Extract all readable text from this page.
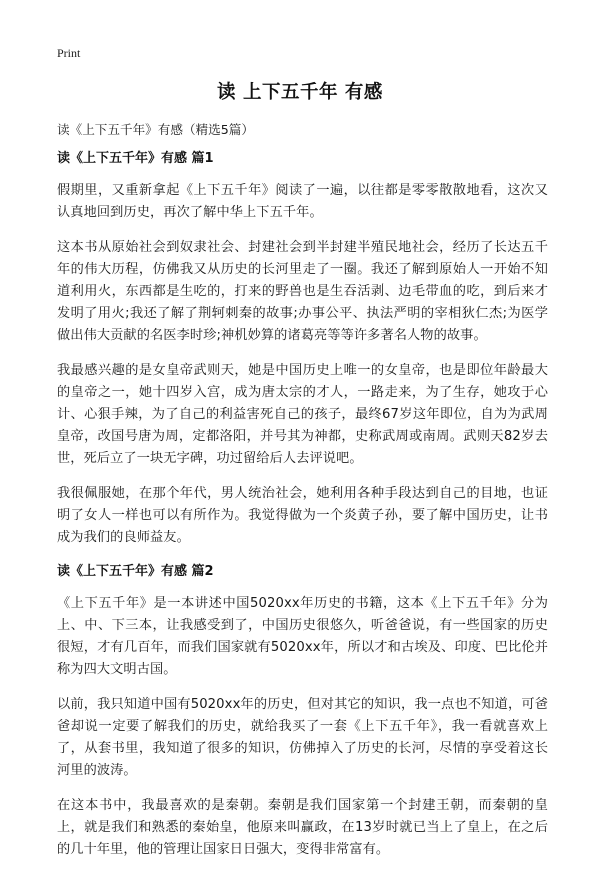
Print
读 上下五千年 有感

读《上下五千年》有感（精选5篇）

读《上下五千年》有感 篇1

假期里，又重新拿起《上下五千年》阅读了一遍，以往都是零零散散地看，这次又认真地回到历史，再次了解中华上下五千年。

这本书从原始社会到奴隶社会、封建社会到半封建半殖民地社会，经历了长达五千年的伟大历程，仿佛我又从历史的长河里走了一圈。我还了解到原始人一开始不知道利用火，东西都是生吃的，打来的野兽也是生吞活剥、边毛带血的吃，到后来才发明了用火;我还了解了荆轲刺秦的故事;办事公平、执法严明的宰相狄仁杰;为医学做出伟大贡献的名医李时珍;神机妙算的诸葛亮等等许多著名人物的故事。

我最感兴趣的是女皇帝武则天，她是中国历史上唯一的女皇帝，也是即位年龄最大的皇帝之一，她十四岁入宫，成为唐太宗的才人，一路走来，为了生存，她攻于心计、心狠手辣，为了自己的利益害死自己的孩子，最终67岁这年即位，自为为武周皇帝，改国号唐为周，定都洛阳，并号其为神都，史称武周或南周。武则天82岁去世，死后立了一块无字碑，功过留给后人去评说吧。

我很佩服她，在那个年代，男人统治社会，她利用各种手段达到自己的目地，也证明了女人一样也可以有所作为。我觉得做为一个炎黄子孙，要了解中国历史，让书成为我们的良师益友。

读《上下五千年》有感 篇2

《上下五千年》是一本讲述中国5020xx年历史的书籍，这本《上下五千年》分为上、中、下三本，让我感受到了，中国历史很悠久，听爸爸说，有一些国家的历史很短，才有几百年，而我们国家就有5020xx年，所以才和古埃及、印度、巴比伦并称为四大文明古国。

以前，我只知道中国有5020xx年的历史，但对其它的知识，我一点也不知道，可爸爸却说一定要了解我们的历史，就给我买了一套《上下五千年》，我一看就喜欢上了，从套书里，我知道了很多的知识，仿佛掉入了历史的长河，尽情的享受着这长河里的波涛。

在这本书中，我最喜欢的是秦朝。秦朝是我们国家第一个封建王朝，而秦朝的皇上，就是我们和熟悉的秦始皇，他原来叫赢政，在13岁时就已当上了皇上，在之后的几十年里，他的管理让国家日日强大，变得非常富有。
